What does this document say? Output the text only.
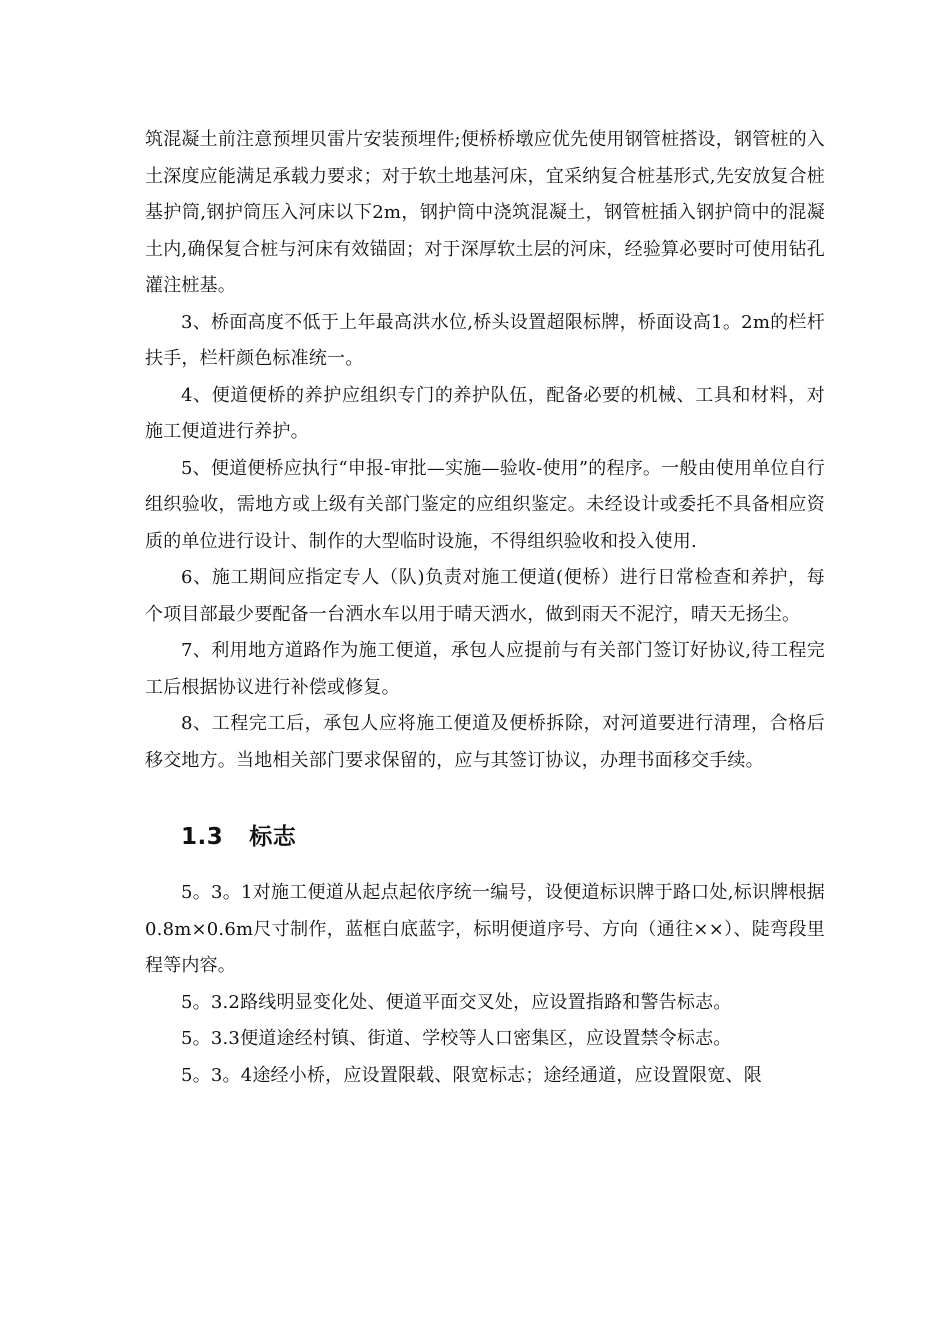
筑混凝土前注意预埋贝雷片安装预埋件;便桥桥墩应优先使用钢管桩搭设，钢管桩的入土深度应能满足承载力要求；对于软土地基河床，宜采纳复合桩基形式,先安放复合桩基护筒,钢护筒压入河床以下2m，钢护筒中浇筑混凝土，钢管桩插入钢护筒中的混凝土内,确保复合桩与河床有效锚固；对于深厚软土层的河床，经验算必要时可使用钻孔灌注桩基。

3、桥面高度不低于上年最高洪水位,桥头设置超限标牌，桥面设高1。2m的栏杆扶手，栏杆颜色标准统一。

4、便道便桥的养护应组织专门的养护队伍，配备必要的机械、工具和材料，对施工便道进行养护。

5、便道便桥应执行“申报-审批—实施—验收-使用”的程序。一般由使用单位自行组织验收，需地方或上级有关部门鉴定的应组织鉴定。未经设计或委托不具备相应资质的单位进行设计、制作的大型临时设施，不得组织验收和投入使用.

6、施工期间应指定专人（队)负责对施工便道(便桥）进行日常检查和养护，每个项目部最少要配备一台洒水车以用于晴天洒水，做到雨天不泥泞，晴天无扬尘。

7、利用地方道路作为施工便道，承包人应提前与有关部门签订好协议,待工程完工后根据协议进行补偿或修复。

8、工程完工后，承包人应将施工便道及便桥拆除，对河道要进行清理，合格后移交地方。当地相关部门要求保留的，应与其签订协议，办理书面移交手续。

1.3 标志

5。3。1对施工便道从起点起依序统一编号，设便道标识牌于路口处,标识牌根据0.8m×0.6m尺寸制作，蓝框白底蓝字，标明便道序号、方向（通往××）、陡弯段里程等内容。

5。3.2路线明显变化处、便道平面交叉处，应设置指路和警告标志。

5。3.3便道途经村镇、街道、学校等人口密集区，应设置禁令标志。

5。3。4途经小桥，应设置限载、限宽标志；途经通道，应设置限宽、限
